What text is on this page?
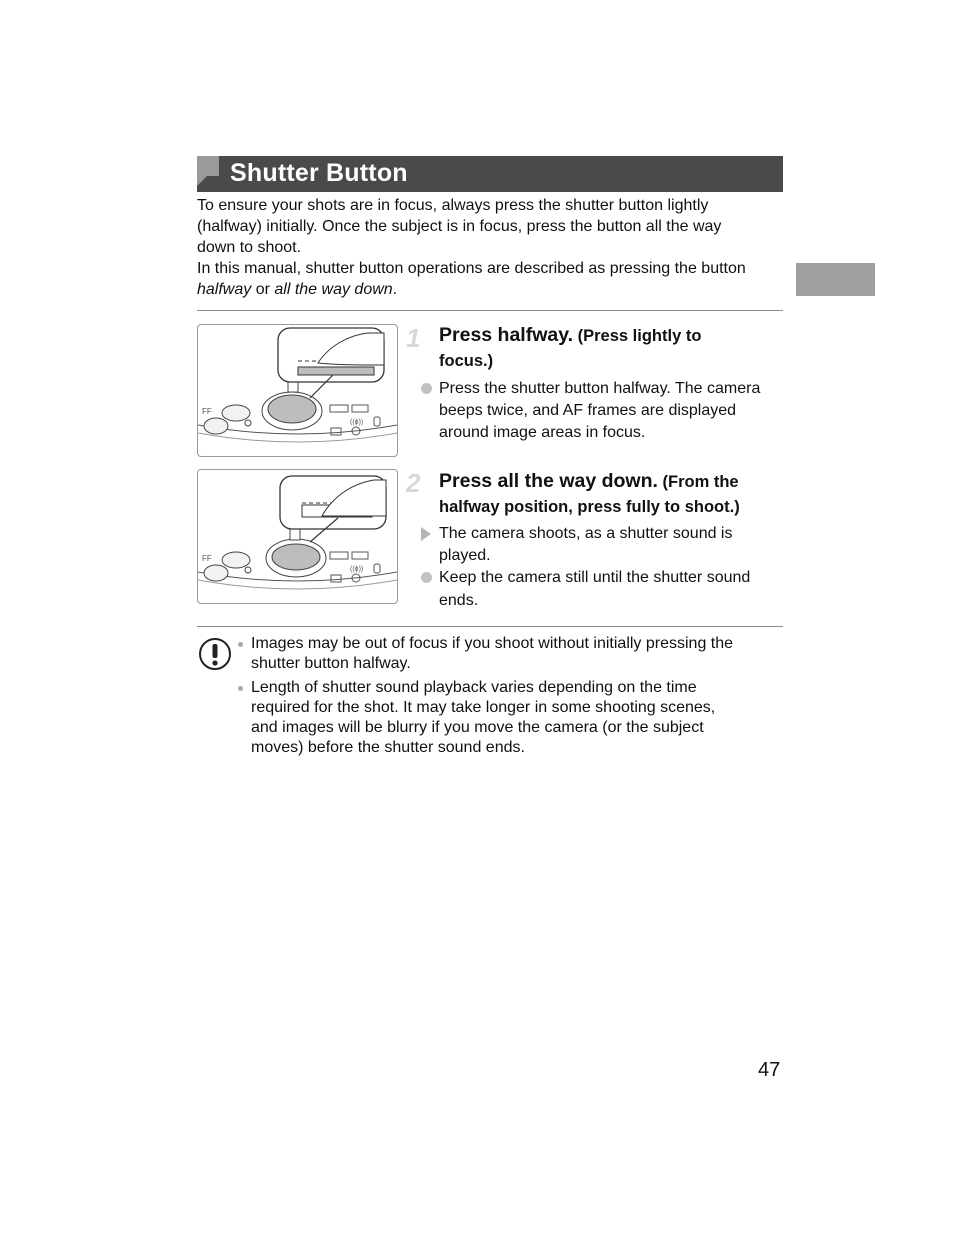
Shutter Button
To ensure your shots are in focus, always press the shutter button lightly
(halfway) initially. Once the subject is in focus, press the button all the way
down to shoot.
In this manual, shutter button operations are described as pressing the button
halfway or all the way down.
FF
((ϕ))
1 Press halfway. (Press lightly to
focus.)
Press the shutter button halfway. The camera
beeps twice, and AF frames are displayed
around image areas in focus.
FF
((ϕ))
2 Press all the way down. (From the
halfway position, press fully to shoot.)
The camera shoots, as a shutter sound is
played.
Keep the camera still until the shutter sound
ends.
Images may be out of focus if you shoot without initially pressing the
shutter button halfway.
Length of shutter sound playback varies depending on the time
required for the shot. It may take longer in some shooting scenes,
and images will be blurry if you move the camera (or the subject
moves) before the shutter sound ends.
47
